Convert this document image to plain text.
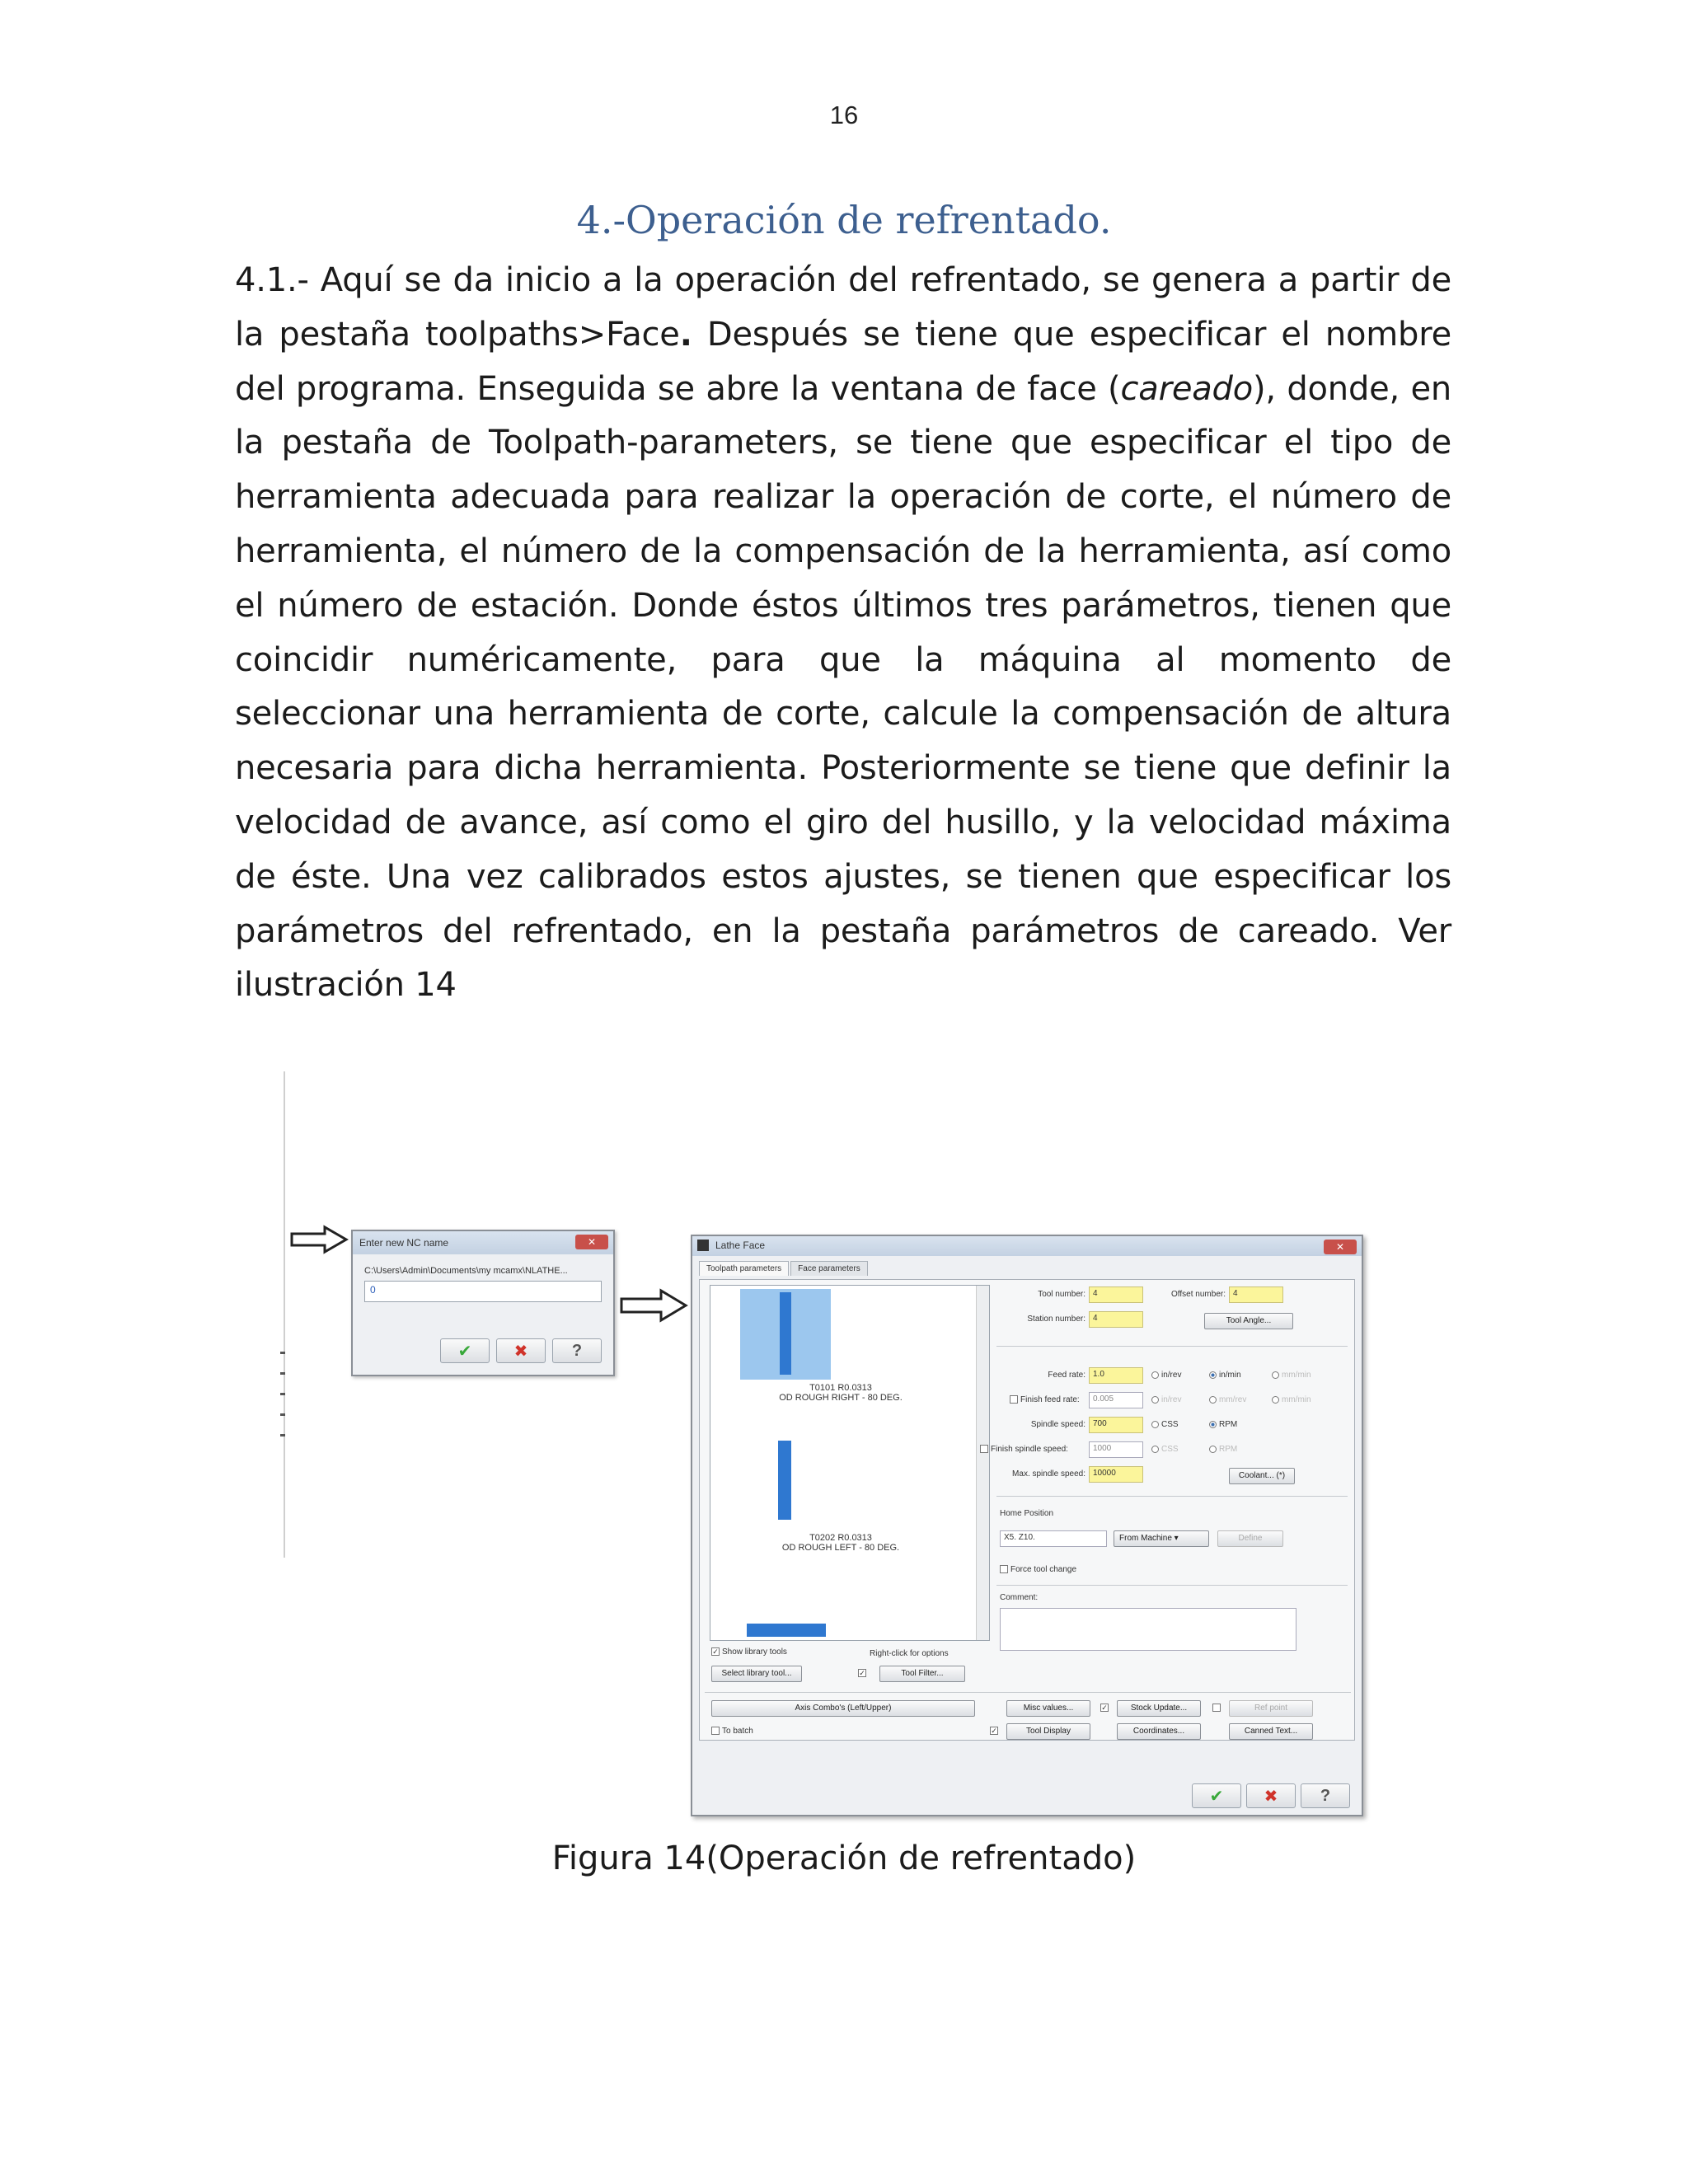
16
4.-Operación de refrentado.
4.1.- Aquí se da inicio a la operación del refrentado, se genera a partir de la pestaña toolpaths>Face. Después se tiene que especificar el nombre del programa. Enseguida se abre la ventana de face (careado), donde, en la pestaña de Toolpath-parameters, se tiene que especificar el tipo de herramienta adecuada para realizar la operación de corte, el número de herramienta, el número de la compensación de la herramienta, así como el número de estación. Donde éstos últimos tres parámetros, tienen que coincidir numéricamente, para que la máquina al momento de seleccionar una herramienta de corte, calcule la compensación de altura necesaria para dicha herramienta. Posteriormente se tiene que definir la velocidad de avance, así como el giro del husillo, y la velocidad máxima de éste. Una vez calibrados estos ajustes, se tienen que especificar los parámetros del refrentado, en la pestaña parámetros de careado. Ver ilustración 14
Enter new NC name	✕
C:\Users\Admin\Documents\my mcamx\NLATHE...
0
✔	✖	?
Lathe Face	✕
Toolpath parameters	Face parameters
T0101 R0.0313
OD ROUGH RIGHT - 80 DEG.
T0202 R0.0313
OD ROUGH LEFT - 80 DEG.
Tool number: 4	Offset number: 4
Station number: 4	Tool Angle...
Feed rate: 1.0	in/rev	in/min	mm/min
Finish feed rate:	0.005	in/rev	mm/rev	mm/min
Spindle speed: 700	CSS	RPM
Finish spindle speed:	1000	CSS	RPM
Max. spindle speed: 10000	Coolant... (*)
Home Position
X5. Z10.	From Machine ▾	Define
Force tool change
Comment:
✓ Show library tools	Right-click for options
Select library tool...	✓	Tool Filter...
Axis Combo's (Left/Upper)	Misc values...	✓	Stock Update...	Ref point
To batch	✓	Tool Display	Coordinates...	Canned Text...
✔	✖	?
Figura 14(Operación de refrentado)
